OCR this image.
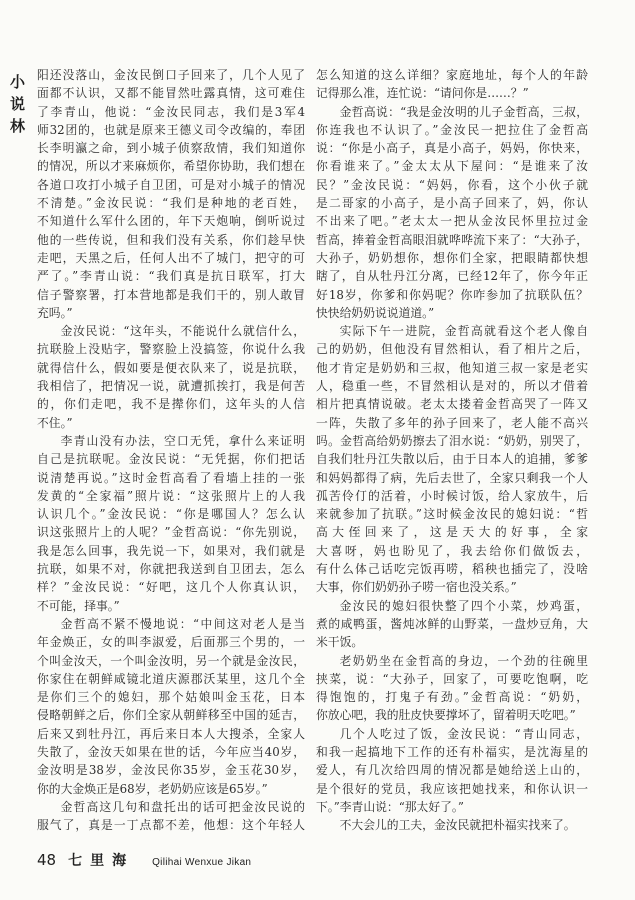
小说林 阳还没落山，金汝民倒口子回来了，几个人见了
面都不认识，又都不能冒然吐露真情，这可难住
了李青山，他说：“金汝民同志，我们是3军4
师32团的，也就是原来王德义司令改编的，奉团
长李明瀛之命，到小城子侦察敌情，我们知道你
的情况，所以才来麻烦你，希望你协助，我们想在
各道口攻打小城子自卫团，可是对小城子的情况
不清楚。”金汝民说：“我们是种地的老百姓，
不知道什么军什么团的，年下天炮响，倒听说过
他的一些传说，但和我们没有关系，你们趁早快
走吧，天黑之后，任何人出不了城门，把守的可
严了。”李青山说：“我们真是抗日联军，打大
信子警察署，打本营地都是我们干的，别人敢冒
充吗。”
金汝民说：“这年头，不能说什么就信什么，
抗联脸上没贴字，警察脸上没搞签，你说什么我
就得信什么，假如要是便衣队来了，说是抗联，
我相信了，把情况一说，就遭抓挨打，我是何苦
的，你们走吧，我不是撵你们，这年头的人信
不住。”
李青山没有办法，空口无凭，拿什么来证明
自己是抗联呢。金汝民说：“无凭据，你们把话
说清楚再说。”这时金哲高看了看墙上挂的一张
发黄的“全家福”照片说：“这张照片上的人我
认识几个。”金汝民说：“你是哪国人？怎么认
识这张照片上的人呢？”金哲高说：“你先别说，
我是怎么回事，我先说一下，如果对，我们就是
抗联，如果不对，你就把我送到自卫团去，怎么
样？”金汝民说：“好吧，这几个人你真认识，
不可能，择事。”
金哲高不紧不慢地说：“中间这对老人是当
年金焕正，女的叫李淑爱，后面那三个男的，一
个叫金汝天，一个叫金汝明，另一个就是金汝民，
你家住在朝鲜咸镜北道庆源郡沃某里，这几个全
是你们三个的媳妇，那个姑娘叫金玉花，日本
侵略朝鲜之后，你们全家从朝鲜移至中国的延吉，
后来又到牡丹江，再后来日本人大搜杀，全家人
失散了，金汝天如果在世的话，今年应当40岁，
金汝明是38岁，金汝民你35岁，金玉花30岁，
你的大金焕正是68岁，老奶奶应该是65岁。”
金哲高这几句和盘托出的话可把金汝民说的
服气了，真是一丁点都不差，他想：这个年轻人
怎么知道的这么详细？家庭地址，每个人的年龄
记得那么准，连忙说：“请问你是……？”
金哲高说：“我是金汝明的儿子金哲高，三叔，
你连我也不认识了。”金汝民一把拉住了金哲高
说：“你是小高子，真是小高子，妈妈，你快来，
你看谁来了。”金太太从下屋问：“是谁来了汝
民？”金汝民说：“妈妈，你看，这个小伙子就
是二哥家的小高子，是小高子回来了，妈，你认
不出来了吧。”老太太一把从金汝民怀里拉过金
哲高，捧着金哲高眼泪就哗哗流下来了：“大孙子，
大孙子，奶奶想你，想你们全家，把眼睛都快想
瞎了，自从牡丹江分离，已经12年了，你今年正
好18岁，你爹和你妈呢？你咋参加了抗联队伍？
快快给奶奶说说道道。”
实际下午一进院，金哲高就看这个老人像自
己的奶奶，但他没有冒然相认，看了相片之后，
他才肯定是奶奶和三叔，他知道三叔一家是老实
人，稳重一些，不冒然相认是对的，所以才借着
相片把真情说破。老太太搂着金哲高哭了一阵又
一阵，失散了多年的孙子回来了，老人能不高兴
吗。金哲高给奶奶擦去了泪水说：“奶奶，别哭了，
自我们牡丹江失散以后，由于日本人的追捕，爹爹
和妈妈都得了病，先后去世了，全家只剩我一个人
孤苦伶仃的活着，小时候讨饭，给人家放牛，后
来就参加了抗联。”这时候金汝民的媳妇说：“哲
高大侄回来了，这是天大的好事，全家
大喜呀，妈也盼见了，我去给你们做饭去，
有什么体己话吃完饭再唠，稻秧也插完了，没啥
大事，你们奶奶孙子唠一宿也没关系。”
金汝民的媳妇很快整了四个小菜，炒鸡蛋，
煮的咸鸭蛋，酱炖冰鲜的山野菜，一盘炒豆角，大
米干饭。
老奶奶坐在金哲高的身边，一个劲的往碗里
挟菜，说：“大孙子，回家了，可要吃饱啊，吃
得饱饱的，打鬼子有劲。”金哲高说：“奶奶，
你放心吧，我的肚皮快要撑坏了，留着明天吃吧。”
几个人吃过了饭，金汝民说：“青山同志，
和我一起搞地下工作的还有朴福实，是沈海星的
爱人，有几次给四周的情况都是她给送上山的，
是个很好的党员，我应该把她找来，和你认识一
下。”李青山说：“那太好了。”
不大会儿的工夫，金汝民就把朴福实找来了。
48 七里海 Qilihai Wenxue Jikan
